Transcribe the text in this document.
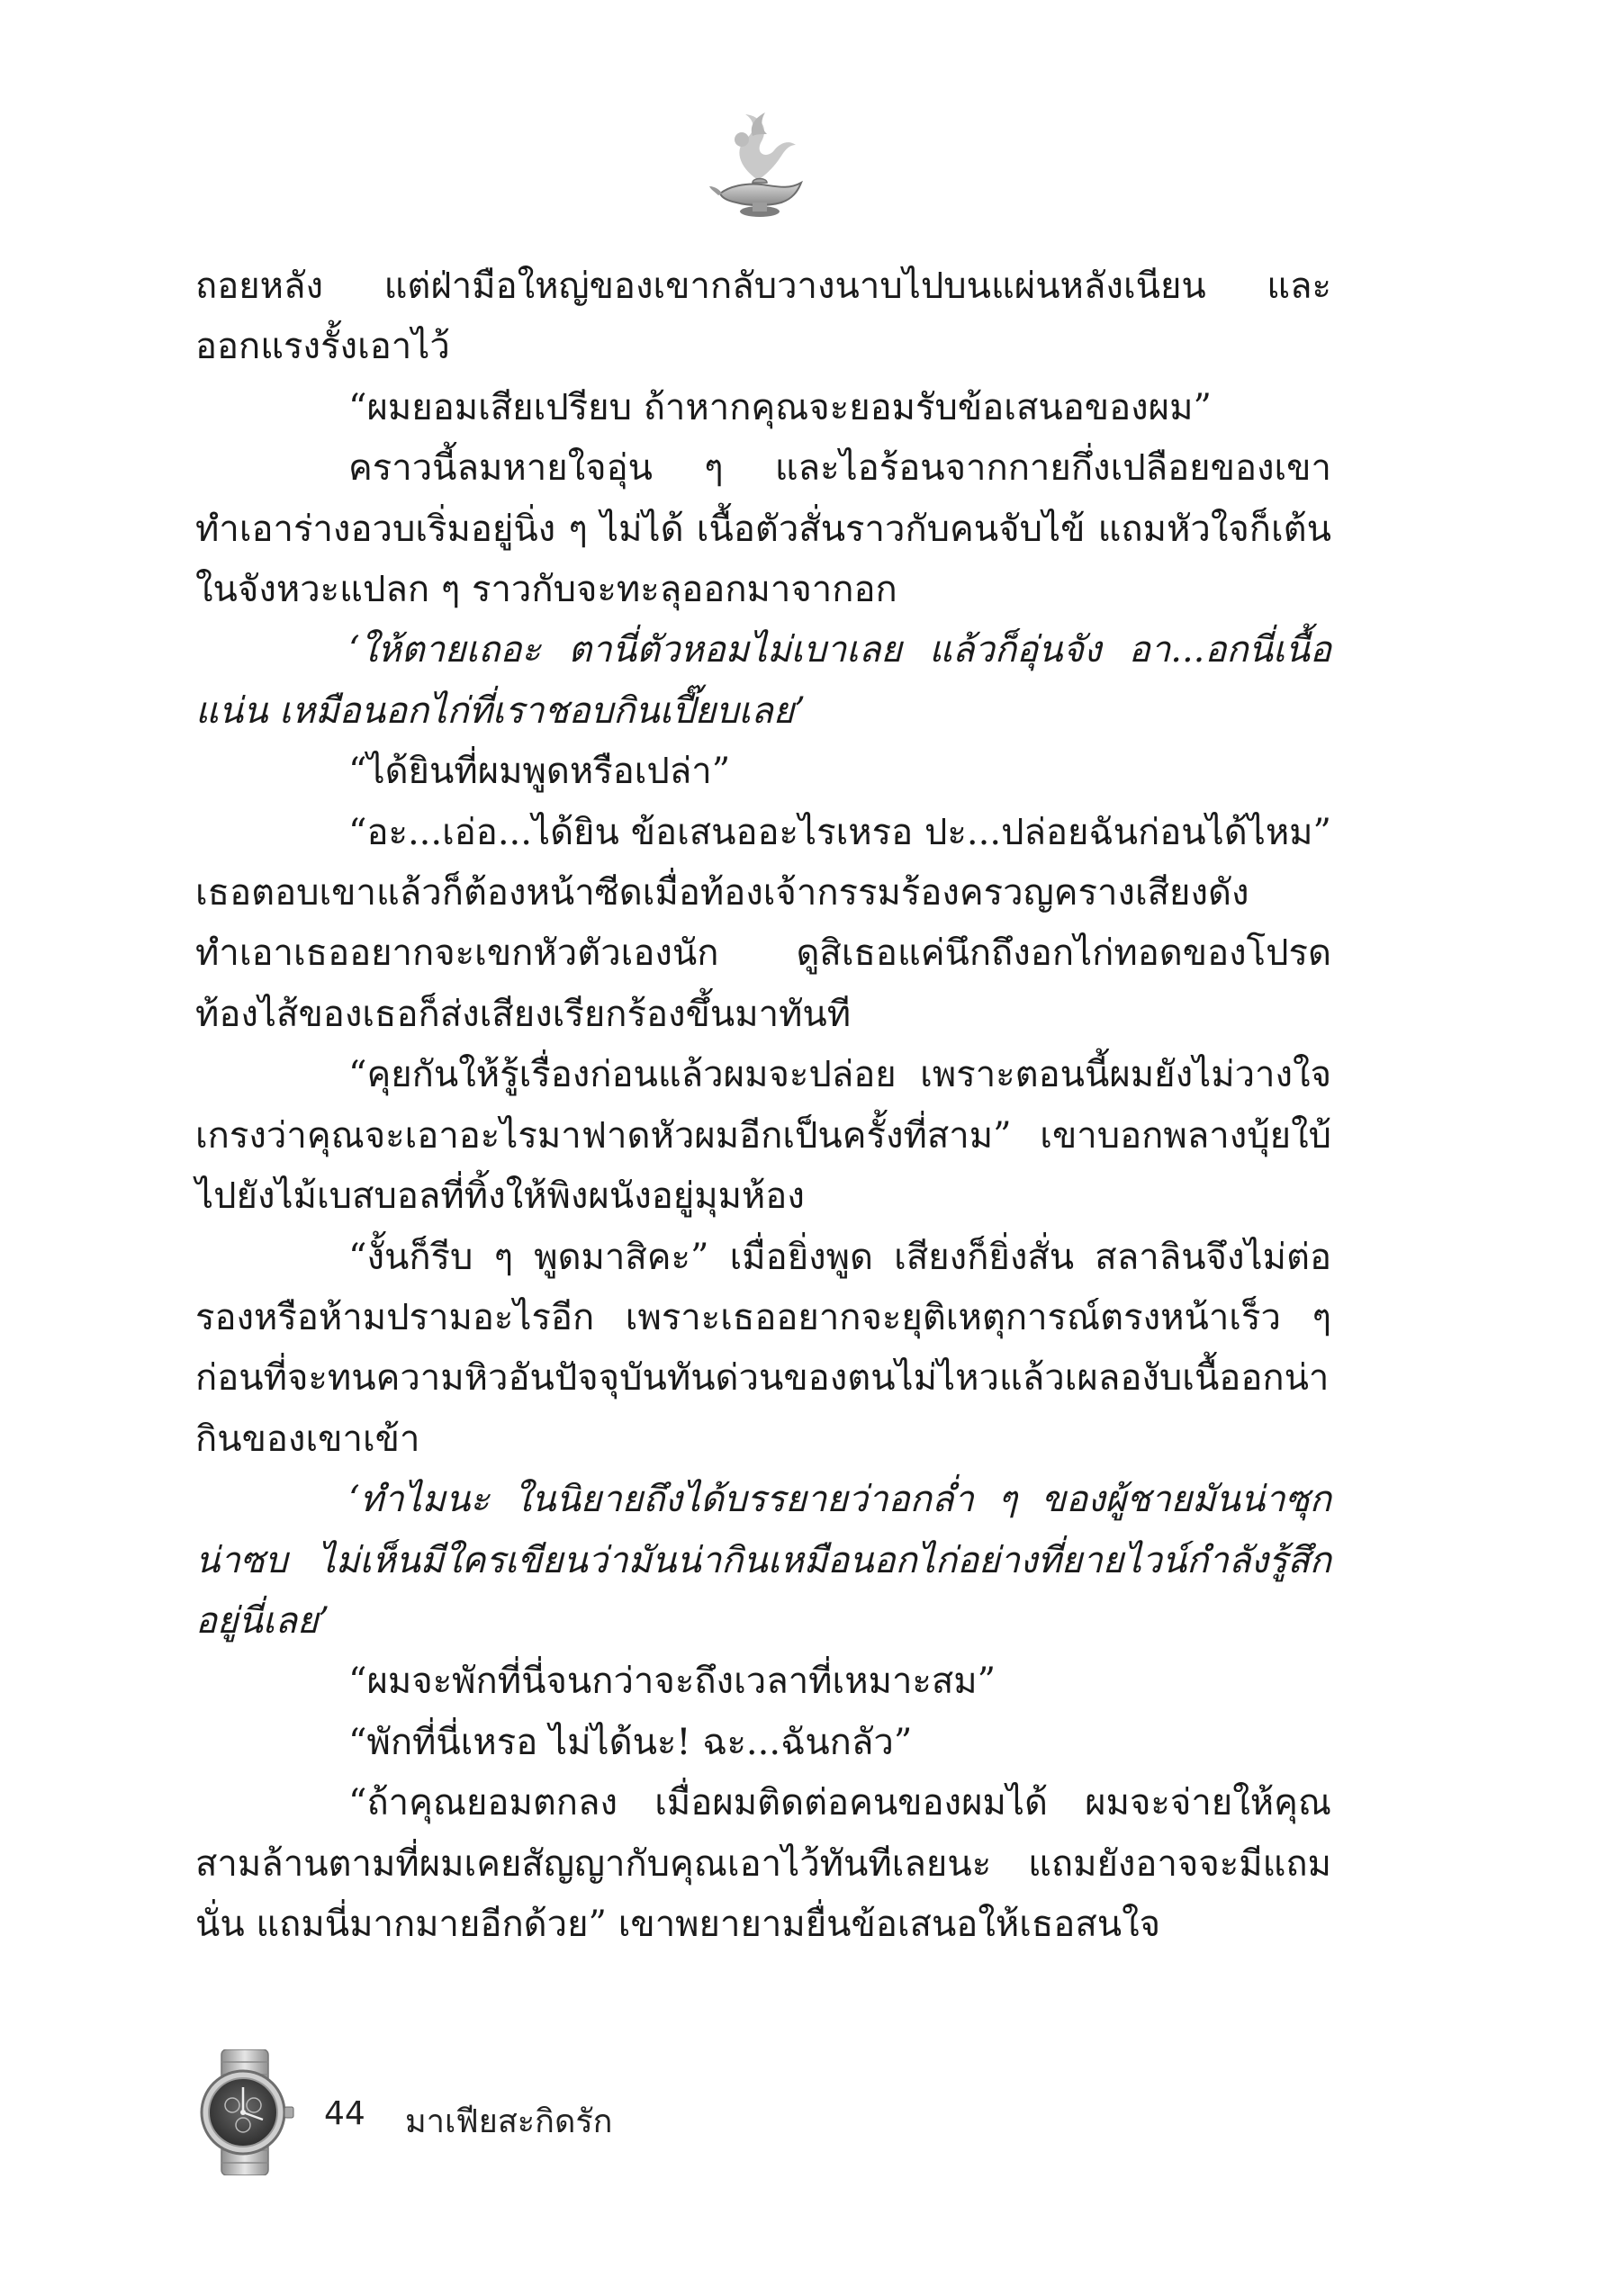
ถอยหลัง แต่ฝ่ามือใหญ่ของเขากลับวางนาบไปบนแผ่นหลังเนียน และออกแรงรั้งเอาไว้

“ผมยอมเสียเปรียบ ถ้าหากคุณจะยอมรับข้อเสนอของผม”

คราวนี้ลมหายใจอุ่น ๆ และไอร้อนจากกายกึ่งเปลือยของเขาทำเอาร่างอวบเริ่มอยู่นิ่ง ๆ ไม่ได้ เนื้อตัวสั่นราวกับคนจับไข้ แถมหัวใจก็เต้นในจังหวะแปลก ๆ ราวกับจะทะลุออกมาจากอก

‘ให้ตายเถอะ ตานี่ตัวหอมไม่เบาเลย แล้วก็อุ่นจัง อา...อกนี่เนื้อแน่น เหมือนอกไก่ที่เราชอบกินเปี๊ยบเลย’

“ได้ยินที่ผมพูดหรือเปล่า”

“อะ...เอ่อ...ได้ยิน ข้อเสนออะไรเหรอ ปะ...ปล่อยฉันก่อนได้ไหม” เธอตอบเขาแล้วก็ต้องหน้าซีดเมื่อท้องเจ้ากรรมร้องครวญครางเสียงดัง ทำเอาเธออยากจะเขกหัวตัวเองนัก ดูสิเธอแค่นึกถึงอกไก่ทอดของโปรด ท้องไส้ของเธอก็ส่งเสียงเรียกร้องขึ้นมาทันที

“คุยกันให้รู้เรื่องก่อนแล้วผมจะปล่อย เพราะตอนนี้ผมยังไม่วางใจ เกรงว่าคุณจะเอาอะไรมาฟาดหัวผมอีกเป็นครั้งที่สาม” เขาบอกพลางบุ้ยใบ้ไปยังไม้เบสบอลที่ทิ้งให้พิงผนังอยู่มุมห้อง

“งั้นก็รีบ ๆ พูดมาสิคะ” เมื่อยิ่งพูด เสียงก็ยิ่งสั่น สลาลินจึงไม่ต่อรองหรือห้ามปรามอะไรอีก เพราะเธออยากจะยุติเหตุการณ์ตรงหน้าเร็ว ๆ ก่อนที่จะทนความหิวอันปัจจุบันทันด่วนของตนไม่ไหวแล้วเผลองับเนื้ออกน่ากินของเขาเข้า

‘ทำไมนะ ในนิยายถึงได้บรรยายว่าอกล่ำ ๆ ของผู้ชายมันน่าซุกน่าซบ ไม่เห็นมีใครเขียนว่ามันน่ากินเหมือนอกไก่อย่างที่ยายไวน์กำลังรู้สึกอยู่นี่เลย’

“ผมจะพักที่นี่จนกว่าจะถึงเวลาที่เหมาะสม”

“พักที่นี่เหรอ ไม่ได้นะ! ฉะ...ฉันกลัว”

“ถ้าคุณยอมตกลง เมื่อผมติดต่อคนของผมได้ ผมจะจ่ายให้คุณสามล้านตามที่ผมเคยสัญญากับคุณเอาไว้ทันทีเลยนะ แถมยังอาจจะมีแถมนั่น แถมนี่มากมายอีกด้วย” เขาพยายามยื่นข้อเสนอให้เธอสนใจ

44 มาเฟียสะกิดรัก
